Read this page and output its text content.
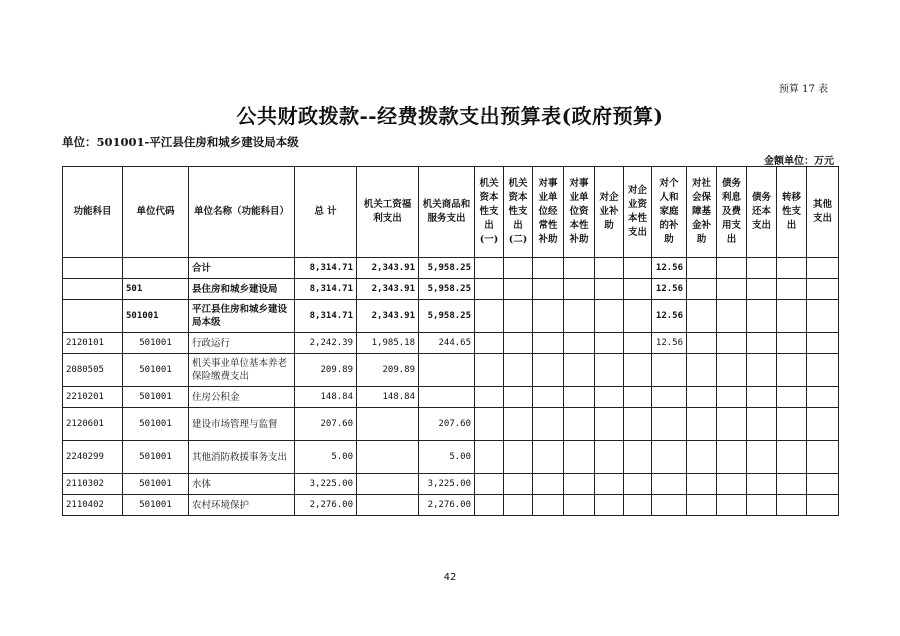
预算 17 表
公共财政拨款--经费拨款支出预算表(政府预算)
单位：501001-平江县住房和城乡建设局本级
金额单位：万元
功能科目	单位代码	单位名称（功能科目）	总 计	机关工资福利支出	机关商品和服务支出	机关资本性支出(一)	机关资本性支出(二)	对事业单位经常性补助	对事业单位资本性补助	对企业补助	对企业资本性支出	对个人和家庭的补助	对社会保障基金补助	债务利息及费用支出	债务还本支出	转移性支出	其他支出
		合计	8,314.71	2,343.91	5,958.25							12.56					
	501	县住房和城乡建设局	8,314.71	2,343.91	5,958.25							12.56					
	501001	平江县住房和城乡建设局本级	8,314.71	2,343.91	5,958.25							12.56					
2120101	501001	行政运行	2,242.39	1,985.18	244.65							12.56					
2080505	501001	机关事业单位基本养老保险缴费支出	209.89	209.89													
2210201	501001	住房公积金	148.84	148.84													
2120601	501001	建设市场管理与监督	207.60		207.60												
2240299	501001	其他消防救援事务支出	5.00		5.00												
2110302	501001	水体	3,225.00		3,225.00												
2110402	501001	农村环境保护	2,276.00		2,276.00												
42
